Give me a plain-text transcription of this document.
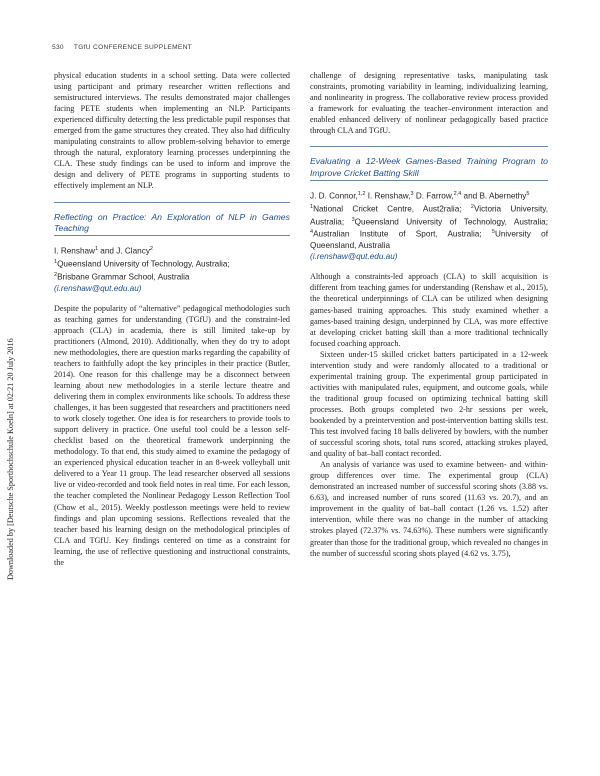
530 TGfU CONFERENCE SUPPLEMENT
Downloaded by [Deutsche Sporthochschule Koeln] at 02:21 20 July 2016

physical education students in a school setting. Data were collected using participant and primary researcher written reflections and semistructured interviews. The results demonstrated major challenges facing PETE students when implementing an NLP. Participants experienced difficulty detecting the less predictable pupil responses that emerged from the game structures they created. They also had difficulty manipulating constraints to allow problem-solving behavior to emerge through the natural, exploratory learning processes underpinning the CLA. These study findings can be used to inform and improve the design and delivery of PETE programs in supporting students to effectively implement an NLP.

Reflecting on Practice: An Exploration of NLP in Games Teaching

I. Renshaw$^1$ and J. Clancy$^2$

$^1$Queensland University of Technology, Australia;

$^2$Brisbane Grammar School, Australia

(i.renshaw@qut.edu.au)

Despite the popularity of “alternative” pedagogical methodologies such as teaching games for understanding (TGfU) and the constraint-led approach (CLA) in academia, there is still limited take-up by practitioners (Almond, 2010). Additionally, when they do try to adopt new methodologies, there are question marks regarding the capability of teachers to faithfully adopt the key principles in their practice (Butler, 2014). One reason for this challenge may be a disconnect between learning about new methodologies in a sterile lecture theatre and delivering them in complex environments like schools. To address these challenges, it has been suggested that researchers and practitioners need to work closely together. One idea is for researchers to provide tools to support delivery in practice. One useful tool could be a lesson self-checklist based on the theoretical framework underpinning the methodology. To that end, this study aimed to examine the pedagogy of an experienced physical education teacher in an 8-week volleyball unit delivered to a Year 11 group. The lead researcher observed all sessions live or video-recorded and took field notes in real time. For each lesson, the teacher completed the Nonlinear Pedagogy Lesson Reflection Tool (Chow et al., 2015). Weekly postlesson meetings were held to review findings and plan upcoming sessions. Reflections revealed that the teacher based his learning design on the methodological principles of CLA and TGfU. Key findings centered on time as a constraint for learning, the use of reflective questioning and instructional constraints, the

challenge of designing representative tasks, manipulating task constraints, promoting variability in learning, individualizing learning, and nonlinearity in progress. The collaborative review process provided a framework for evaluating the teacher–environment interaction and enabled enhanced delivery of nonlinear pedagogically based practice through CLA and TGfU.

Evaluating a 12-Week Games-Based Training Program to Improve Cricket Batting Skill

J. D. Connor,$^{1,2}$ I. Renshaw,$^3$ D. Farrow,$^{2,4}$ and B. Abernethy$^5$

$^1$National Cricket Centre, Aust2ralia; $^2$Victoria University, Australia; $^3$Queensland University of Technology, Australia; $^4$Australian Institute of Sport, Australia; $^5$University of Queensland, Australia

(i.renshaw@qut.edu.au)

Although a constraints-led approach (CLA) to skill acquisition is different from teaching games for understanding (Renshaw et al., 2015), the theoretical underpinnings of CLA can be utilized when designing games-based training approaches. This study examined whether a games-based training design, underpinned by CLA, was more effective at developing cricket batting skill than a more traditional technically focused coaching approach.

Sixteen under-15 skilled cricket batters participated in a 12-week intervention study and were randomly allocated to a traditional or experimental training group. The experimental group participated in activities with manipulated rules, equipment, and outcome goals, while the traditional group focused on optimizing technical batting skill processes. Both groups completed two 2-hr sessions per week, bookended by a preintervention and post-intervention batting skills test. This test involved facing 18 balls delivered by bowlers, with the number of successful scoring shots, total runs scored, attacking strokes played, and quality of bat–ball contact recorded.

An analysis of variance was used to examine between- and within-group differences over time. The experimental group (CLA) demonstrated an increased number of successful scoring shots (3.88 vs. 6.63), and increased number of runs scored (11.63 vs. 20.7), and an improvement in the quality of bat–ball contact (1.26 vs. 1.52) after intervention, while there was no change in the number of attacking strokes played (72.37% vs. 74.63%). These numbers were significantly greater than those for the traditional group, which revealed no changes in the number of successful scoring shots played (4.62 vs. 3.75),
